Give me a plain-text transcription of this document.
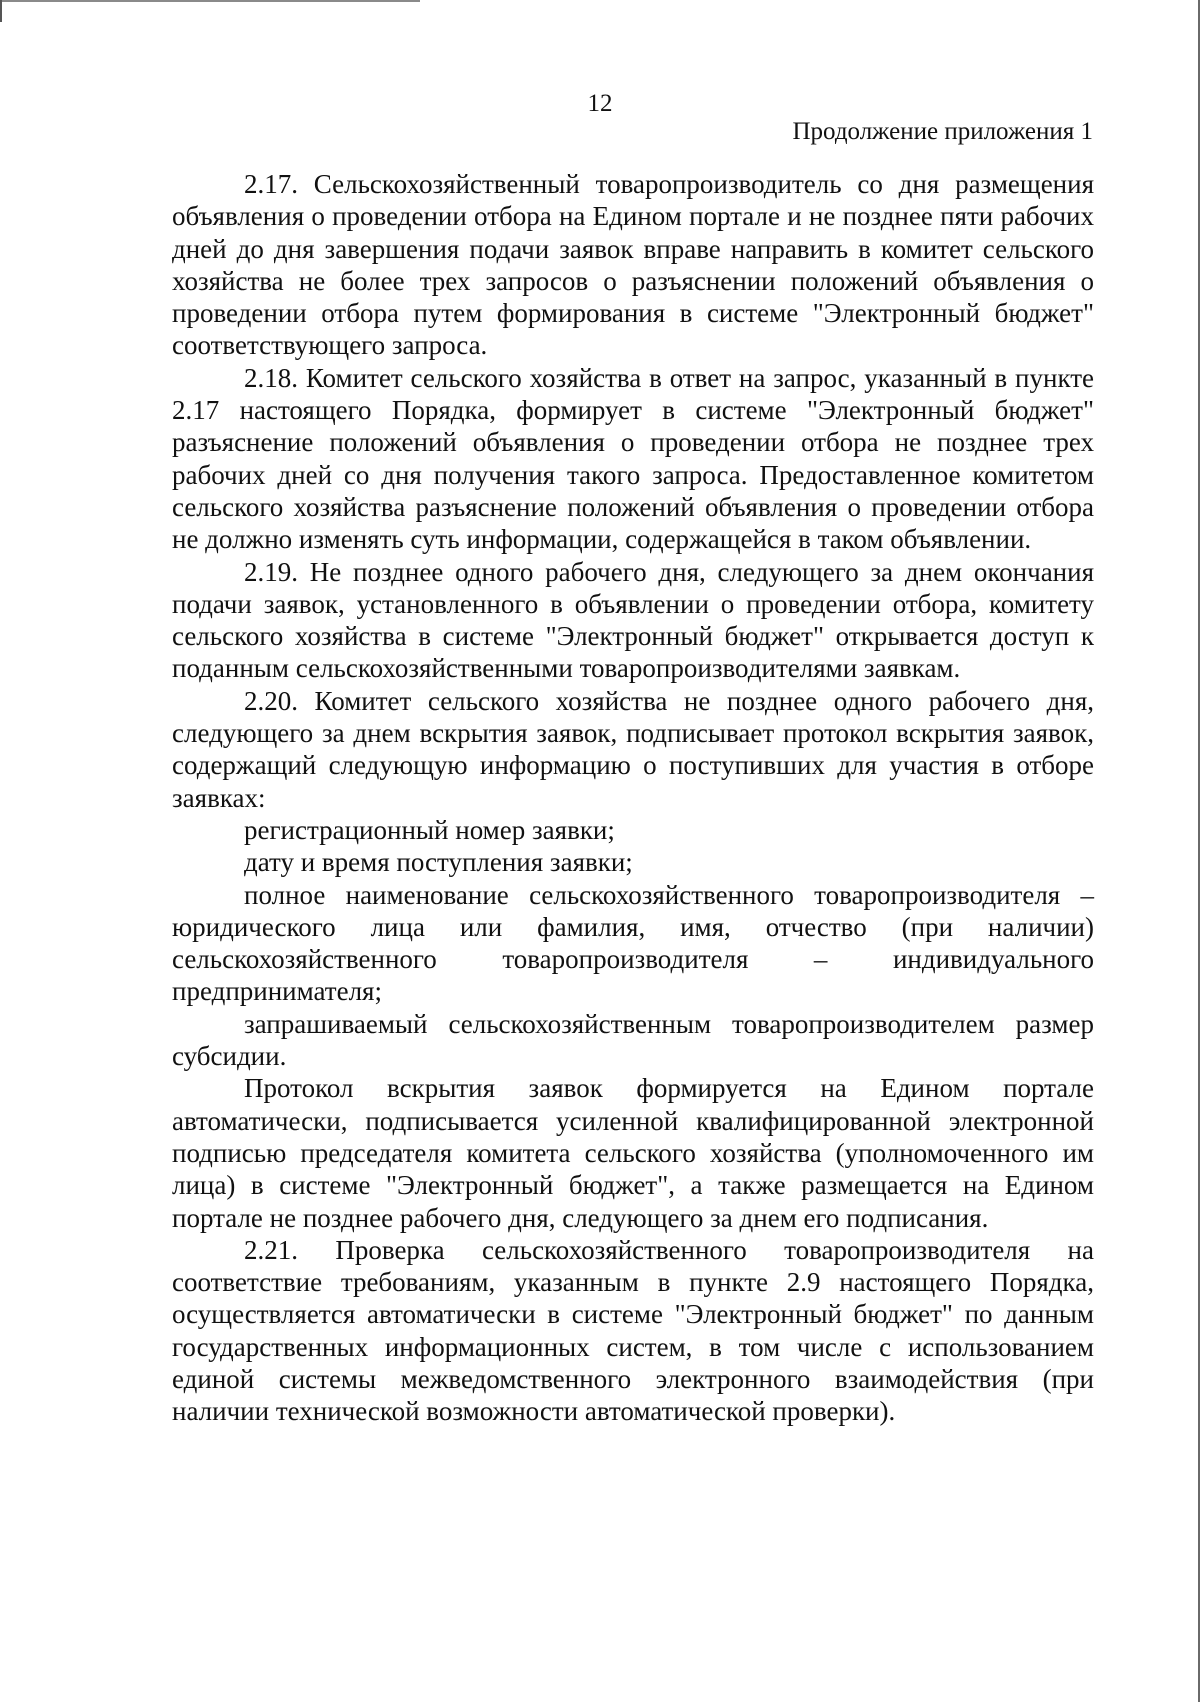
12
Продолжение приложения 1

2.17. Сельскохозяйственный товаропроизводитель со дня размещения объявления о проведении отбора на Едином портале и не позднее пяти рабочих дней до дня завершения подачи заявок вправе направить в комитет сельского хозяйства не более трех запросов о разъяснении положений объявления о проведении отбора путем формирования в системе "Электронный бюджет" соответствующего запроса.

2.18. Комитет сельского хозяйства в ответ на запрос, указанный в пункте 2.17 настоящего Порядка, формирует в системе "Электронный бюджет" разъяснение положений объявления о проведении отбора не позднее трех рабочих дней со дня получения такого запроса. Предоставленное комитетом сельского хозяйства разъяснение положений объявления о проведении отбора не должно изменять суть информации, содержащейся в таком объявлении.

2.19. Не позднее одного рабочего дня, следующего за днем окончания подачи заявок, установленного в объявлении о проведении отбора, комитету сельского хозяйства в системе "Электронный бюджет" открывается доступ к поданным сельскохозяйственными товаропроизводителями заявкам.

2.20. Комитет сельского хозяйства не позднее одного рабочего дня, следующего за днем вскрытия заявок, подписывает протокол вскрытия заявок, содержащий следующую информацию о поступивших для участия в отборе заявках:

регистрационный номер заявки;

дату и время поступления заявки;

полное наименование сельскохозяйственного товаропроизводителя – юридического лица или фамилия, имя, отчество (при наличии) сельскохозяйственного товаропроизводителя – индивидуального предпринимателя;

запрашиваемый сельскохозяйственным товаропроизводителем размер субсидии.

Протокол вскрытия заявок формируется на Едином портале автоматически, подписывается усиленной квалифицированной электронной подписью председателя комитета сельского хозяйства (уполномоченного им лица) в системе "Электронный бюджет", а также размещается на Едином портале не позднее рабочего дня, следующего за днем его подписания.

2.21. Проверка сельскохозяйственного товаропроизводителя на соответствие требованиям, указанным в пункте 2.9 настоящего Порядка, осуществляется автоматически в системе "Электронный бюджет" по данным государственных информационных систем, в том числе с использованием единой системы межведомственного электронного взаимодействия (при наличии технической возможности автоматической проверки).
